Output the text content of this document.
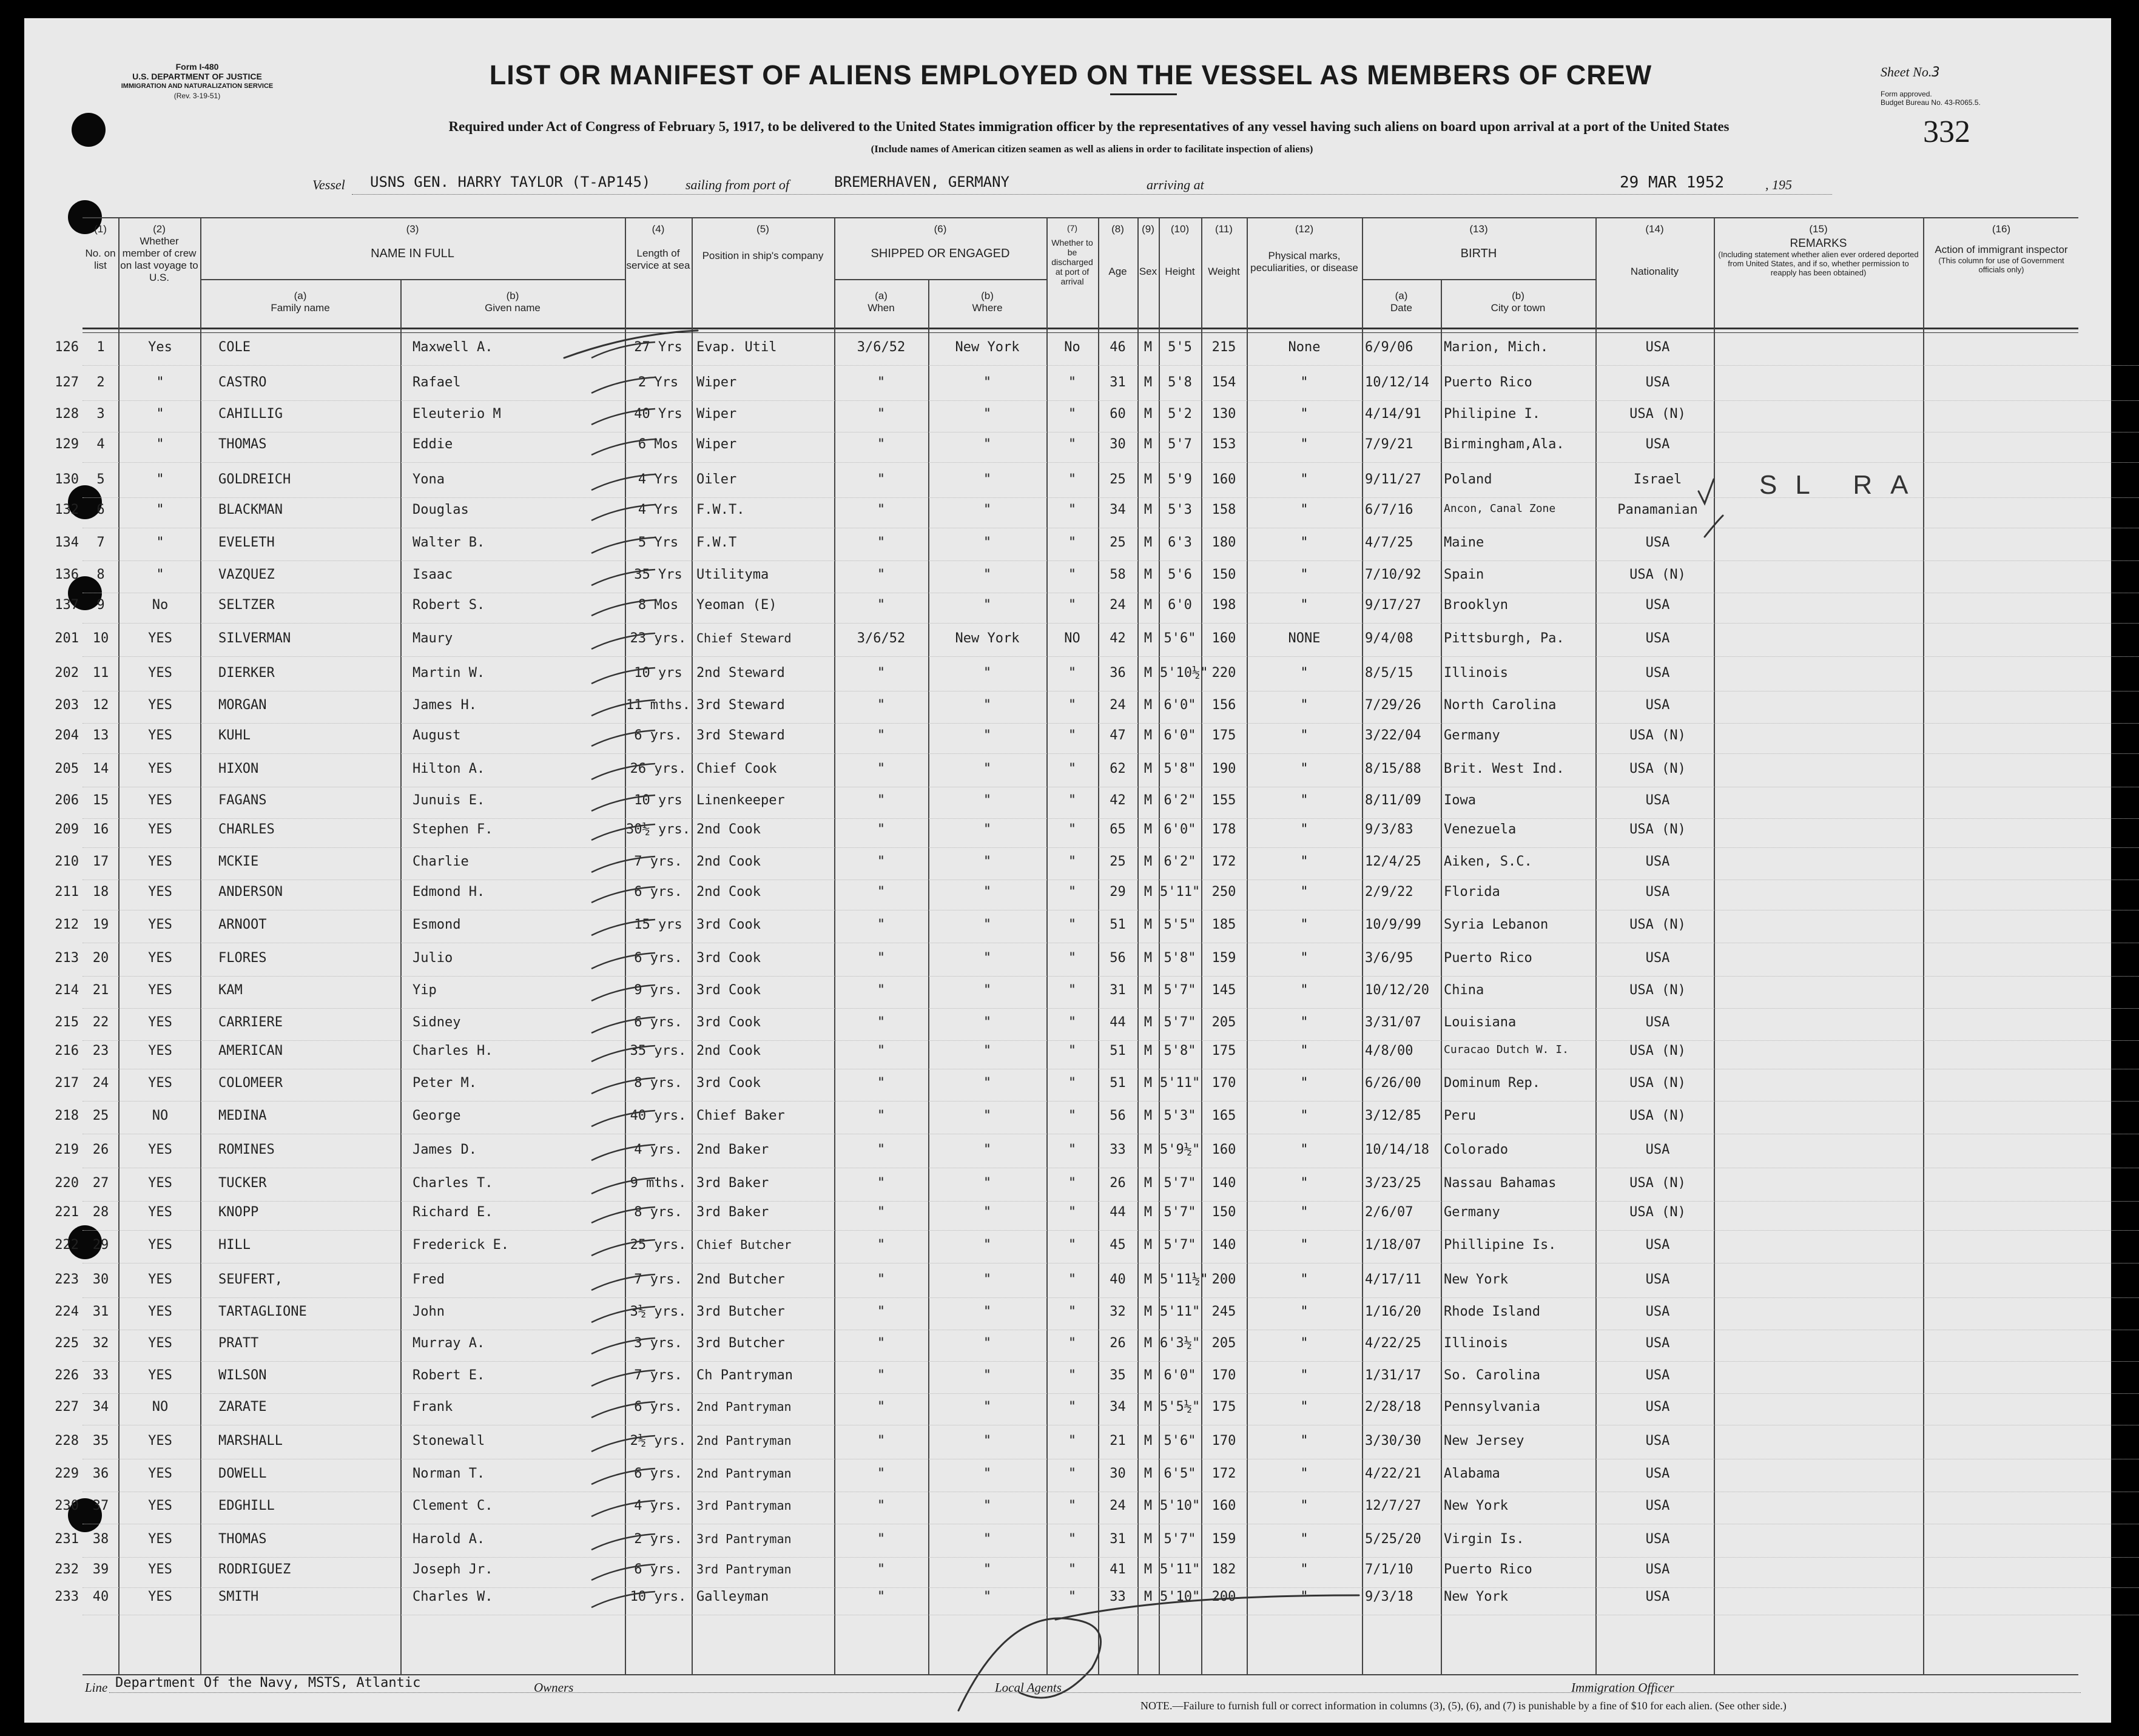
Form I-480
U.S. DEPARTMENT OF JUSTICE
IMMIGRATION AND NATURALIZATION SERVICE
(Rev. 3-19-51)
LIST OR MANIFEST OF ALIENS EMPLOYED ON THE VESSEL AS MEMBERS OF CREW	Sheet No.3
Form approved.
Budget Bureau No. 43-R065.5.
332
Required under Act of Congress of February 5, 1917, to be delivered to the United States immigration officer by the representatives of any vessel having such aliens on board upon arrival at a port of the United States
(Include names of American citizen seamen as well as aliens in order to facilitate inspection of aliens)
Vessel USNS GEN. HARRY TAYLOR (T-AP145)	sailing from port of	BREMERHAVEN, GERMANY	arriving at	29 MAR 1952	, 195
(1)
No. on list
(2)
Whether member of crew on last voyage to U.S.
(3)
NAME IN FULL
(a)
Family name
(b)
Given name
(4)
Length of service at sea
(5)
Position in ship's company
(6)
SHIPPED OR ENGAGED
(a)
When
(b)
Where
(7)
Whether to be discharged at port of arrival
(8)
Age
(9)
Sex
(10)
Height
(11)
Weight
(12)
Physical marks, peculiarities, or disease
(13)
BIRTH
(a)
Date
(b)
City or town
(14)
Nationality
(15)
REMARKS
(Including statement whether alien ever ordered deported from United States, and if so, whether permission to reapply has been obtained)
(16)
Action of immigrant inspector
(This column for use of Government officials only)
126	1	Yes	COLE	Maxwell A.	27 Yrs	Evap. Util	3/6/52	New York	No	46	M	5'5	215	None	6/9/06	Marion, Mich.	USA
127	2	"	CASTRO	Rafael	2 Yrs	Wiper	"	"	"	31	M	5'8	154	"	10/12/14	Puerto Rico	USA
128	3	"	CAHILLIG	Eleuterio M	40 Yrs	Wiper	"	"	"	60	M	5'2	130	"	4/14/91	Philipine I.	USA (N)
129	4	"	THOMAS	Eddie	6 Mos	Wiper	"	"	"	30	M	5'7	153	"	7/9/21	Birmingham,Ala.	USA
130	5	"	GOLDREICH	Yona	4 Yrs	Oiler	"	"	"	25	M	5'9	160	"	9/11/27	Poland	Israel
132	6	"	BLACKMAN	Douglas	4 Yrs	F.W.T.	"	"	"	34	M	5'3	158	"	6/7/16	Ancon, Canal Zone	Panamanian
134	7	"	EVELETH	Walter B.	5 Yrs	F.W.T	"	"	"	25	M	6'3	180	"	4/7/25	Maine	USA
136	8	"	VAZQUEZ	Isaac	35 Yrs	Utilityma	"	"	"	58	M	5'6	150	"	7/10/92	Spain	USA (N)
137	9	No	SELTZER	Robert S.	8 Mos	Yeoman (E)	"	"	"	24	M	6'0	198	"	9/17/27	Brooklyn	USA
201	10	YES	SILVERMAN	Maury	23 yrs. Chief Steward	3/6/52	New York	NO	42	M 5'6"	160	NONE	9/4/08	Pittsburgh, Pa.	USA
202	11	YES	DIERKER	Martin W.	10 yrs	2nd Steward	"	"	"	36	M 5'10½" 220	"	8/5/15	Illinois	USA
203	12	YES	MORGAN	James H.	11 mths. 3rd Steward	"	"	"	24	M 6'0"	156	"	7/29/26	North Carolina	USA
204	13	YES	KUHL	August	6 yrs.	3rd Steward	"	"	"	47	M 6'0"	175	"	3/22/04	Germany	USA (N)
205	14	YES	HIXON	Hilton A.	26 yrs. Chief Cook	"	"	"	62	M 5'8"	190	"	8/15/88	Brit. West Ind.	USA (N)
206	15	YES	FAGANS	Junuis E.	10 yrs	Linenkeeper	"	"	"	42	M 6'2"	155	"	8/11/09	Iowa	USA
209	16	YES	CHARLES	Stephen F.	30½ yrs. 2nd Cook	"	"	"	65	M 6'0"	178	"	9/3/83	Venezuela	USA (N)
210	17	YES	MCKIE	Charlie	7 yrs.	2nd Cook	"	"	"	25	M 6'2"	172	"	12/4/25	Aiken, S.C.	USA
211	18	YES	ANDERSON	Edmond H.	6 yrs.	2nd Cook	"	"	"	29	M 5'11" 250	"	2/9/22	Florida	USA
212	19	YES	ARNOOT	Esmond	15 yrs	3rd Cook	"	"	"	51	M 5'5"	185	"	10/9/99	Syria Lebanon	USA (N)
213	20	YES	FLORES	Julio	6 yrs.	3rd Cook	"	"	"	56	M 5'8"	159	"	3/6/95	Puerto Rico	USA
214	21	YES	KAM	Yip	9 yrs.	3rd Cook	"	"	"	31	M 5'7"	145	"	10/12/20	China	USA (N)
215	22	YES	CARRIERE	Sidney	6 yrs.	3rd Cook	"	"	"	44	M 5'7"	205	"	3/31/07	Louisiana	USA
216	23	YES	AMERICAN	Charles H.	35 yrs. 2nd Cook	"	"	"	51	M 5'8"	175	"	4/8/00	Curacao Dutch W. I.	USA (N)
217	24	YES	COLOMEER	Peter M.	8 yrs.	3rd Cook	"	"	"	51	M 5'11" 170	"	6/26/00	Dominum Rep.	USA (N)
218	25	NO	MEDINA	George	40 yrs. Chief Baker	"	"	"	56	M 5'3"	165	"	3/12/85	Peru	USA (N)
219	26	YES	ROMINES	James D.	4 yrs.	2nd Baker	"	"	"	33	M 5'9½" 160	"	10/14/18	Colorado	USA
220	27	YES	TUCKER	Charles T.	9 mths. 3rd Baker	"	"	"	26	M 5'7"	140	"	3/23/25	Nassau Bahamas	USA (N)
221	28	YES	KNOPP	Richard E.	8 yrs.	3rd Baker	"	"	"	44	M 5'7"	150	"	2/6/07	Germany	USA (N)
222	29	YES	HILL	Frederick E.	25 yrs. Chief Butcher	"	"	"	45	M 5'7"	140	"	1/18/07	Phillipine Is.	USA
223	30	YES	SEUFERT,	Fred	7 yrs.	2nd Butcher	"	"	"	40	M 5'11½" 200	"	4/17/11	New York	USA
224	31	YES	TARTAGLIONE	John	3½ yrs. 3rd Butcher	"	"	"	32	M 5'11" 245	"	1/16/20	Rhode Island	USA
225	32	YES	PRATT	Murray A.	3 yrs.	3rd Butcher	"	"	"	26	M 6'3½" 205	"	4/22/25	Illinois	USA
226	33	YES	WILSON	Robert E.	7 yrs.	Ch Pantryman	"	"	"	35	M 6'0"	170	"	1/31/17	So. Carolina	USA
227	34	NO	ZARATE	Frank	6 yrs.	2nd Pantryman	"	"	"	34	M 5'5½" 175	"	2/28/18	Pennsylvania	USA
228	35	YES	MARSHALL	Stonewall	2½ yrs. 2nd Pantryman	"	"	"	21	M 5'6"	170	"	3/30/30	New Jersey	USA
229	36	YES	DOWELL	Norman T.	6 yrs.	2nd Pantryman	"	"	"	30	M 6'5"	172	"	4/22/21	Alabama	USA
230	37	YES	EDGHILL	Clement C.	4 yrs.	3rd Pantryman	"	"	"	24	M 5'10" 160	"	12/7/27	New York	USA
231	38	YES	THOMAS	Harold A.	2 yrs.	3rd Pantryman	"	"	"	31	M 5'7"	159	"	5/25/20	Virgin Is.	USA
232	39	YES	RODRIGUEZ	Joseph Jr.	6 yrs.	3rd Pantryman	"	"	"	41	M 5'11" 182	"	7/1/10	Puerto Rico	USA
233	40	YES	SMITH	Charles W.	10 yrs. Galleyman	"	"	"	33	M 5'10" 200	"	9/3/18	New York	USA
SL RA
Line Department Of the Navy, MSTS, Atlantic	Owners	Local Agents	Immigration Officer
NOTE.—Failure to furnish full or correct information in columns (3), (5), (6), and (7) is punishable by a fine of $10 for each alien. (See other side.)
